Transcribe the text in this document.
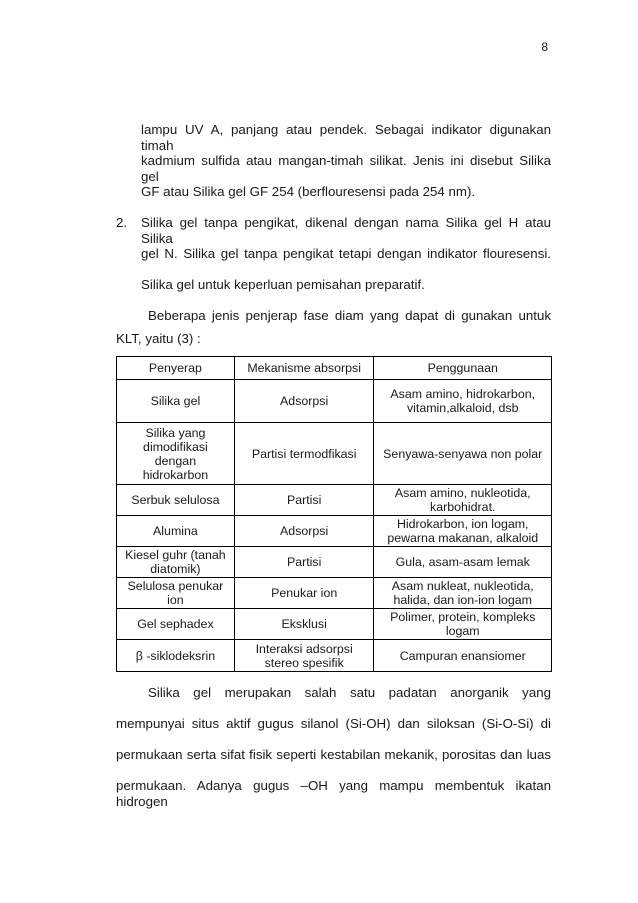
8
lampu UV A, panjang atau pendek. Sebagai indikator digunakan timah
kadmium sulfida atau mangan-timah silikat. Jenis ini disebut Silika gel
GF atau Silika gel GF 254 (berflouresensi pada 254 nm).
2. Silika gel tanpa pengikat, dikenal dengan nama Silika gel H atau Silika
gel N. Silika gel tanpa pengikat tetapi dengan indikator flouresensi.
Silika gel untuk keperluan pemisahan preparatif.
Beberapa jenis penjerap fase diam yang dapat di gunakan untuk
KLT, yaitu (3) :
Penyerap	Mekanisme absorpsi	Penggunaan
Silika gel	Adsorpsi	Asam amino, hidrokarbon, vitamin,alkaloid, dsb
Silika yang dimodifikasi dengan hidrokarbon	Partisi termodfikasi	Senyawa-senyawa non polar
Serbuk selulosa	Partisi	Asam amino, nukleotida, karbohidrat.
Alumina	Adsorpsi	Hidrokarbon, ion logam, pewarna makanan, alkaloid
Kiesel guhr (tanah diatomik)	Partisi	Gula, asam-asam lemak
Selulosa penukar ion	Penukar ion	Asam nukleat, nukleotida, halida, dan ion-ion logam
Gel sephadex	Eksklusi	Polimer, protein, kompleks logam
β -siklodeksrin	Interaksi adsorpsi stereo spesifik	Campuran enansiomer
Silika gel merupakan salah satu padatan anorganik yang
mempunyai situs aktif gugus silanol (Si-OH) dan siloksan (Si-O-Si) di
permukaan serta sifat fisik seperti kestabilan mekanik, porositas dan luas
permukaan. Adanya gugus –OH yang mampu membentuk ikatan hidrogen
